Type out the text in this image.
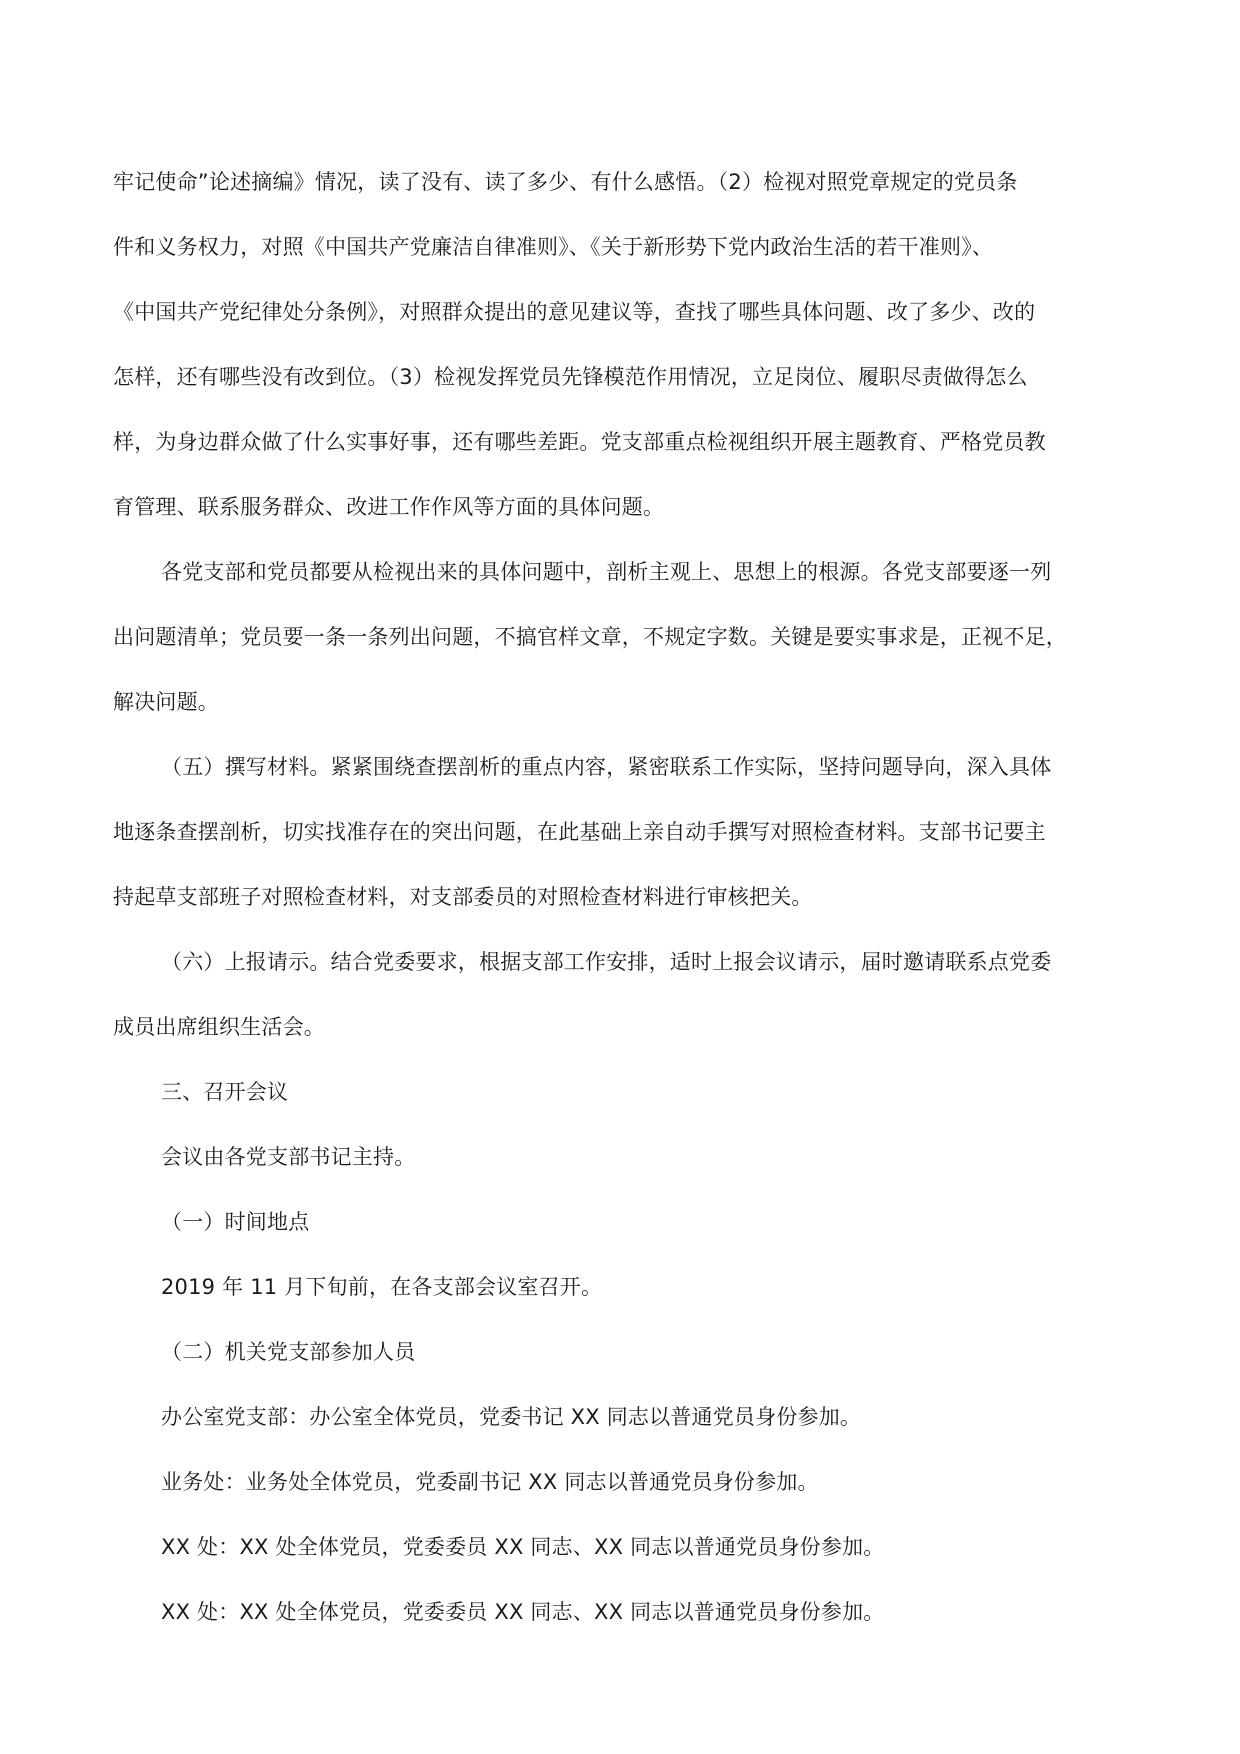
牢记使命”论述摘编》情况，读了没有、读了多少、有什么感悟。（2）检视对照党章规定的党员条
件和义务权力，对照《中国共产党廉洁自律准则》、《关于新形势下党内政治生活的若干准则》、
《中国共产党纪律处分条例》，对照群众提出的意见建议等，查找了哪些具体问题、改了多少、改的
怎样，还有哪些没有改到位。（3）检视发挥党员先锋模范作用情况，立足岗位、履职尽责做得怎么
样，为身边群众做了什么实事好事，还有哪些差距。党支部重点检视组织开展主题教育、严格党员教
育管理、联系服务群众、改进工作作风等方面的具体问题。
各党支部和党员都要从检视出来的具体问题中，剖析主观上、思想上的根源。各党支部要逐一列
出问题清单；党员要一条一条列出问题，不搞官样文章，不规定字数。关键是要实事求是，正视不足，
解决问题。
（五）撰写材料。紧紧围绕查摆剖析的重点内容，紧密联系工作实际，坚持问题导向，深入具体
地逐条查摆剖析，切实找准存在的突出问题，在此基础上亲自动手撰写对照检查材料。支部书记要主
持起草支部班子对照检查材料，对支部委员的对照检查材料进行审核把关。
（六）上报请示。结合党委要求，根据支部工作安排，适时上报会议请示，届时邀请联系点党委
成员出席组织生活会。
三、召开会议
会议由各党支部书记主持。
（一）时间地点
2019 年 11 月下旬前，在各支部会议室召开。
（二）机关党支部参加人员
办公室党支部：办公室全体党员，党委书记 XX 同志以普通党员身份参加。
业务处：业务处全体党员，党委副书记 XX 同志以普通党员身份参加。
XX 处：XX 处全体党员，党委委员 XX 同志、XX 同志以普通党员身份参加。
XX 处：XX 处全体党员，党委委员 XX 同志、XX 同志以普通党员身份参加。
